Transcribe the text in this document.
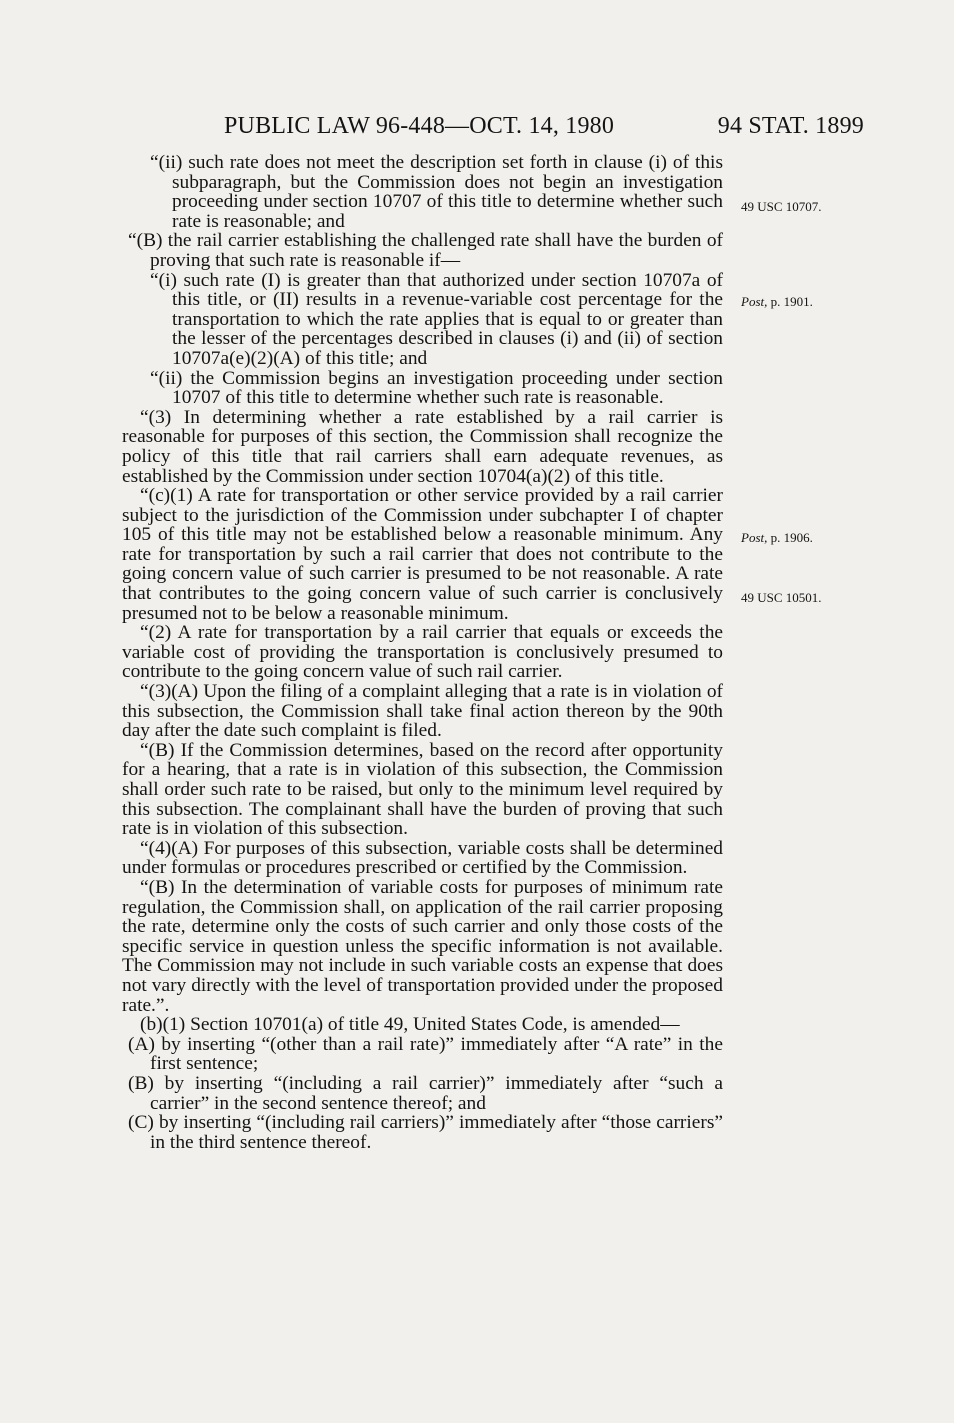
PUBLIC LAW 96-448—OCT. 14, 1980	94 STAT. 1899

“(ii) such rate does not meet the description set forth in clause (i) of this subparagraph, but the Commission does not begin an investigation proceeding under section 10707 of this title to determine whether such rate is reasonable; and

“(B) the rail carrier establishing the challenged rate shall have the burden of proving that such rate is reasonable if—

“(i) such rate (I) is greater than that authorized under section 10707a of this title, or (II) results in a revenue-variable cost percentage for the transportation to which the rate applies that is equal to or greater than the lesser of the percentages described in clauses (i) and (ii) of section 10707a(e)(2)(A) of this title; and

“(ii) the Commission begins an investigation proceeding under section 10707 of this title to determine whether such rate is reasonable.

“(3) In determining whether a rate established by a rail carrier is reasonable for purposes of this section, the Commission shall recognize the policy of this title that rail carriers shall earn adequate revenues, as established by the Commission under section 10704(a)(2) of this title.

“(c)(1) A rate for transportation or other service provided by a rail carrier subject to the jurisdiction of the Commission under subchapter I of chapter 105 of this title may not be established below a reasonable minimum. Any rate for transportation by such a rail carrier that does not contribute to the going concern value of such carrier is presumed to be not reasonable. A rate that contributes to the going concern value of such carrier is conclusively presumed not to be below a reasonable minimum.

“(2) A rate for transportation by a rail carrier that equals or exceeds the variable cost of providing the transportation is conclusively presumed to contribute to the going concern value of such rail carrier.

“(3)(A) Upon the filing of a complaint alleging that a rate is in violation of this subsection, the Commission shall take final action thereon by the 90th day after the date such complaint is filed.

“(B) If the Commission determines, based on the record after opportunity for a hearing, that a rate is in violation of this subsection, the Commission shall order such rate to be raised, but only to the minimum level required by this subsection. The complainant shall have the burden of proving that such rate is in violation of this subsection.

“(4)(A) For purposes of this subsection, variable costs shall be determined under formulas or procedures prescribed or certified by the Commission.

“(B) In the determination of variable costs for purposes of minimum rate regulation, the Commission shall, on application of the rail carrier proposing the rate, determine only the costs of such carrier and only those costs of the specific service in question unless the specific information is not available. The Commission may not include in such variable costs an expense that does not vary directly with the level of transportation provided under the proposed rate.”.

(b)(1) Section 10701(a) of title 49, United States Code, is amended—

(A) by inserting “(other than a rail rate)” immediately after “A rate” in the first sentence;

(B) by inserting “(including a rail carrier)” immediately after “such a carrier” in the second sentence thereof; and

(C) by inserting “(including rail carriers)” immediately after “those carriers” in the third sentence thereof.

49 USC 10707.
Post, p. 1901.
Post, p. 1906.
49 USC 10501.
